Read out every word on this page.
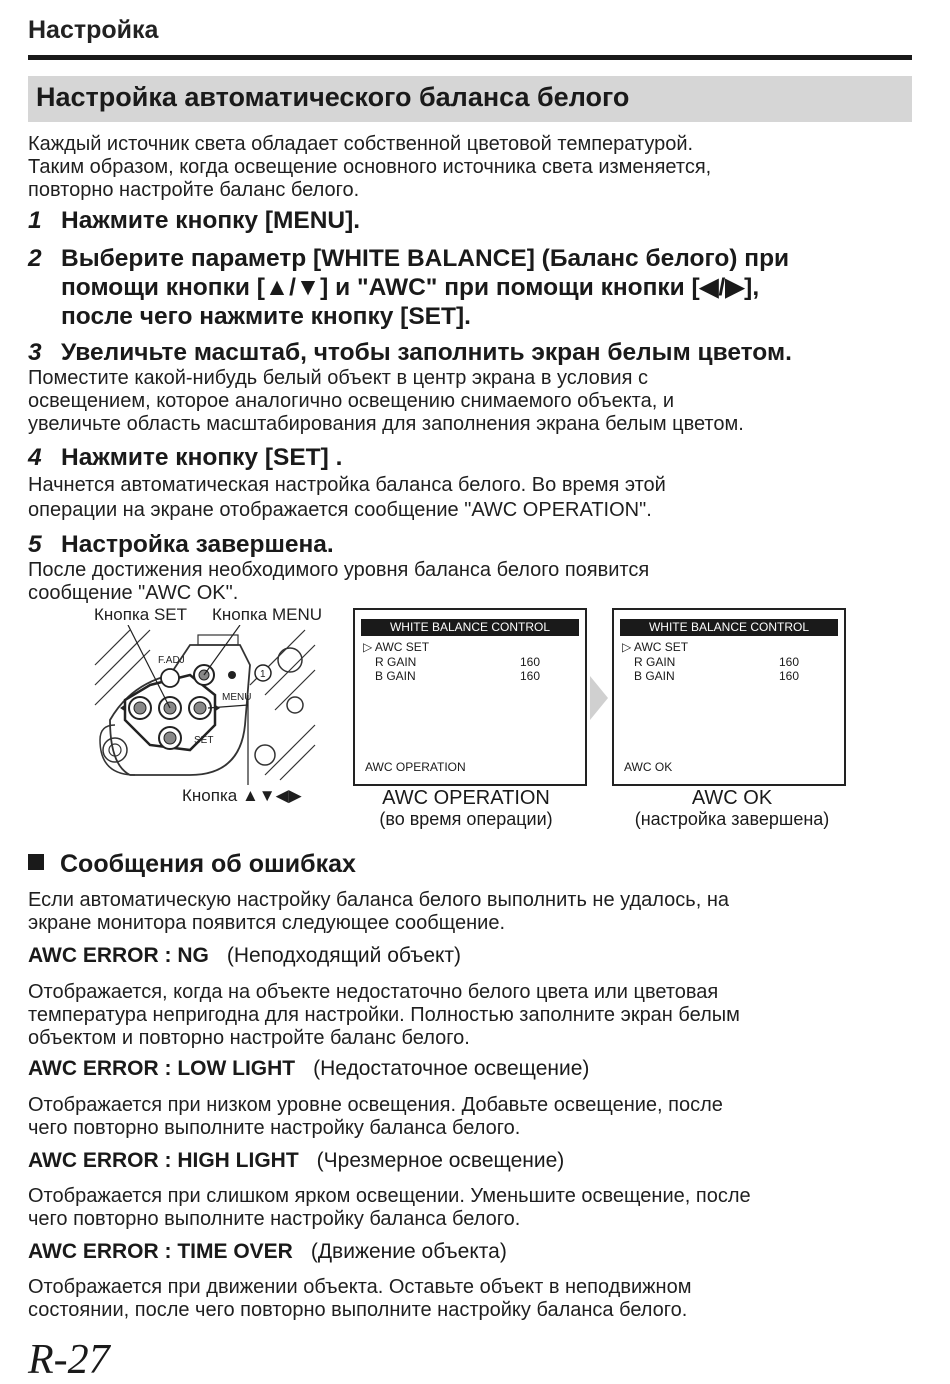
Настройка
Настройка автоматического баланса белого
Каждый источник света обладает собственной цветовой температурой.
Таким образом, когда освещение основного источника света изменяется,
повторно настройте баланс белого.
1 Нажмите кнопку [MENU].
2 Выберите параметр [WHITE BALANCE] (Баланс белого) при
помощи кнопки [▲/▼] и "AWC" при помощи кнопки [◀/▶],
после чего нажмите кнопку [SET].
3 Увеличьте масштаб, чтобы заполнить экран белым цветом.
Поместите какой-нибудь белый объект в центр экрана в условия с
освещением, которое аналогично освещению снимаемого объекта, и
увеличьте область масштабирования для заполнения экрана белым цветом.
4 Нажмите кнопку [SET] .
Начнется автоматическая настройка баланса белого. Во время этой
операции на экране отображается сообщение "AWC OPERATION".
5 Настройка завершена.
После достижения необходимого уровня баланса белого появится
сообщение "AWC OK".
Кнопка SET Кнопка MENU
F.ADJ
MENU
SET
1
Кнопка ▲▼◀▶
WHITE BALANCE CONTROL
▷ AWC SET
R GAIN	160
B GAIN	160
AWC OPERATION
WHITE BALANCE CONTROL
▷ AWC SET
R GAIN	160
B GAIN	160
AWC OK
AWC OPERATION
(во время операции)
AWC OK
(настройка завершена)
Сообщения об ошибках
Если автоматическую настройку баланса белого выполнить не удалось, на
экране монитора появится следующее сообщение.
AWC ERROR : NG (Неподходящий объект)
Отображается, когда на объекте недостаточно белого цвета или цветовая
температура непригодна для настройки. Полностью заполните экран белым
объектом и повторно настройте баланс белого.
AWC ERROR : LOW LIGHT (Недостаточное освещение)
Отображается при низком уровне освещения. Добавьте освещение, после
чего повторно выполните настройку баланса белого.
AWC ERROR : HIGH LIGHT (Чрезмерное освещение)
Отображается при слишком ярком освещении. Уменьшите освещение, после
чего повторно выполните настройку баланса белого.
AWC ERROR : TIME OVER (Движение объекта)
Отображается при движении объекта. Оставьте объект в неподвижном
состоянии, после чего повторно выполните настройку баланса белого.
R-27
